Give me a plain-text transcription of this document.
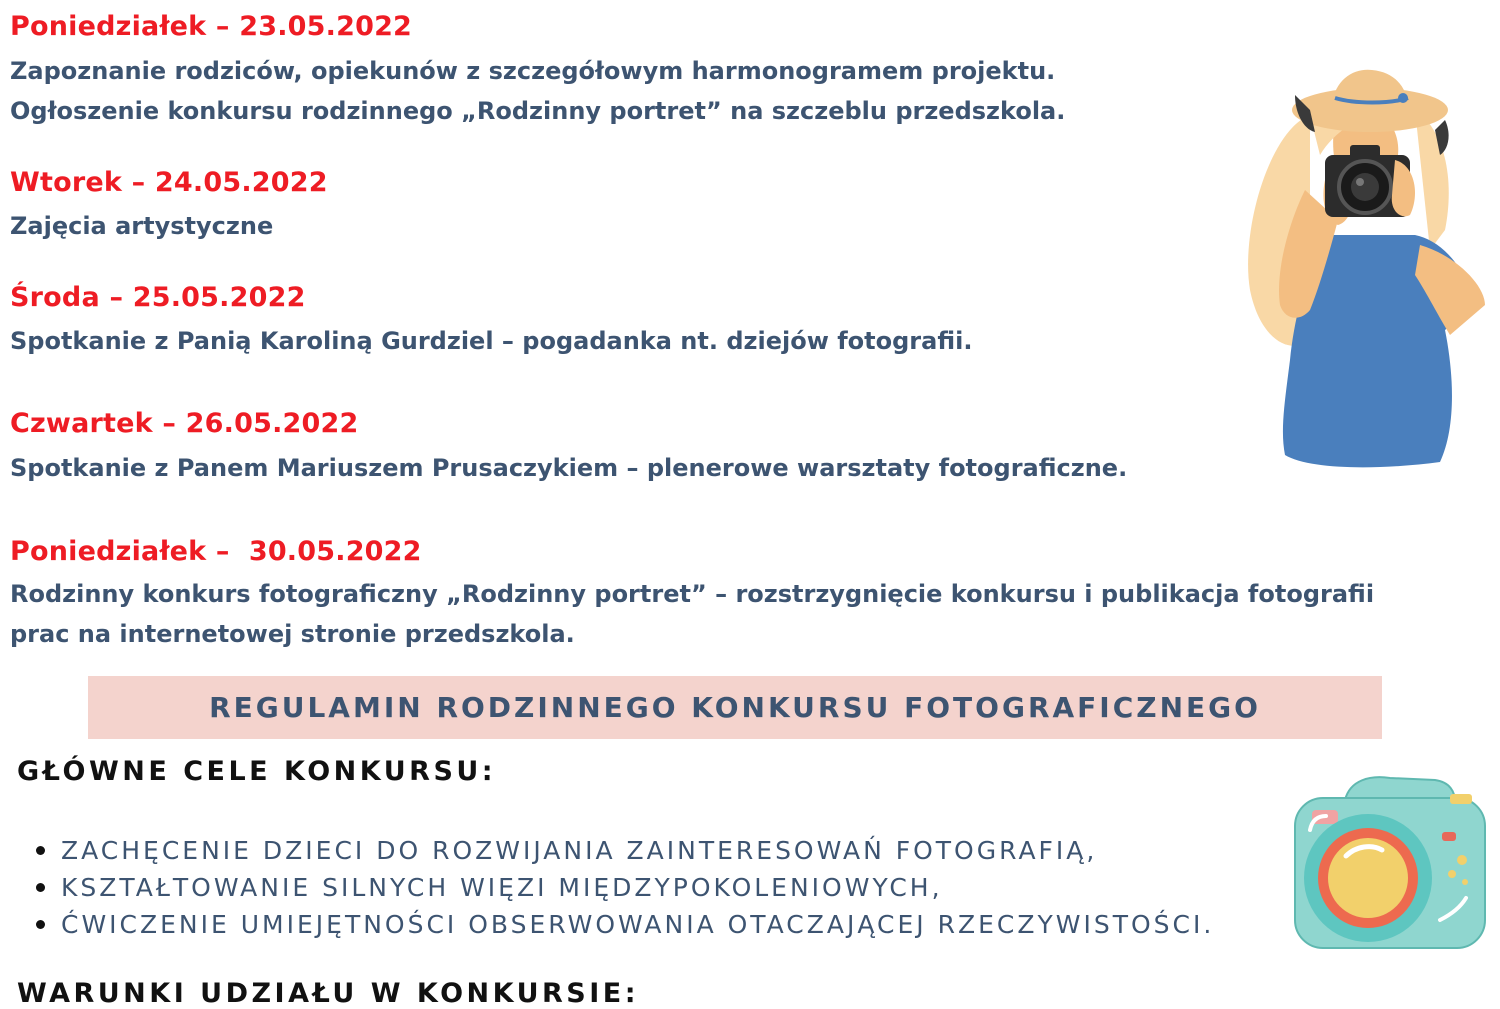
Poniedziałek – 23.05.2022
Zapoznanie rodziców, opiekunów z szczegółowym harmonogramem projektu.
Ogłoszenie konkursu rodzinnego „Rodzinny portret” na szczeblu przedszkola.
Wtorek – 24.05.2022
Zajęcia artystyczne
Środa – 25.05.2022
Spotkanie z Panią Karoliną Gurdziel – pogadanka nt. dziejów fotografii.
Czwartek – 26.05.2022
Spotkanie z Panem Mariuszem Prusaczykiem – plenerowe warsztaty fotograficzne.
Poniedziałek –  30.05.2022
Rodzinny konkurs fotograficzny „Rodzinny portret” – rozstrzygnięcie konkursu i publikacja fotografii
prac na internetowej stronie przedszkola.
REGULAMIN RODZINNEGO KONKURSU FOTOGRAFICZNEGO
GŁÓWNE CELE KONKURSU:
ZACHĘCENIE DZIECI DO ROZWIJANIA ZAINTERESOWAŃ FOTOGRAFIĄ,
KSZTAŁTOWANIE SILNYCH WIĘZI MIĘDZYPOKOLENIOWYCH,
ĆWICZENIE UMIEJĘTNOŚCI OBSERWOWANIA OTACZAJĄCEJ RZECZYWISTOŚCI.
WARUNKI UDZIAŁU W KONKURSIE:
